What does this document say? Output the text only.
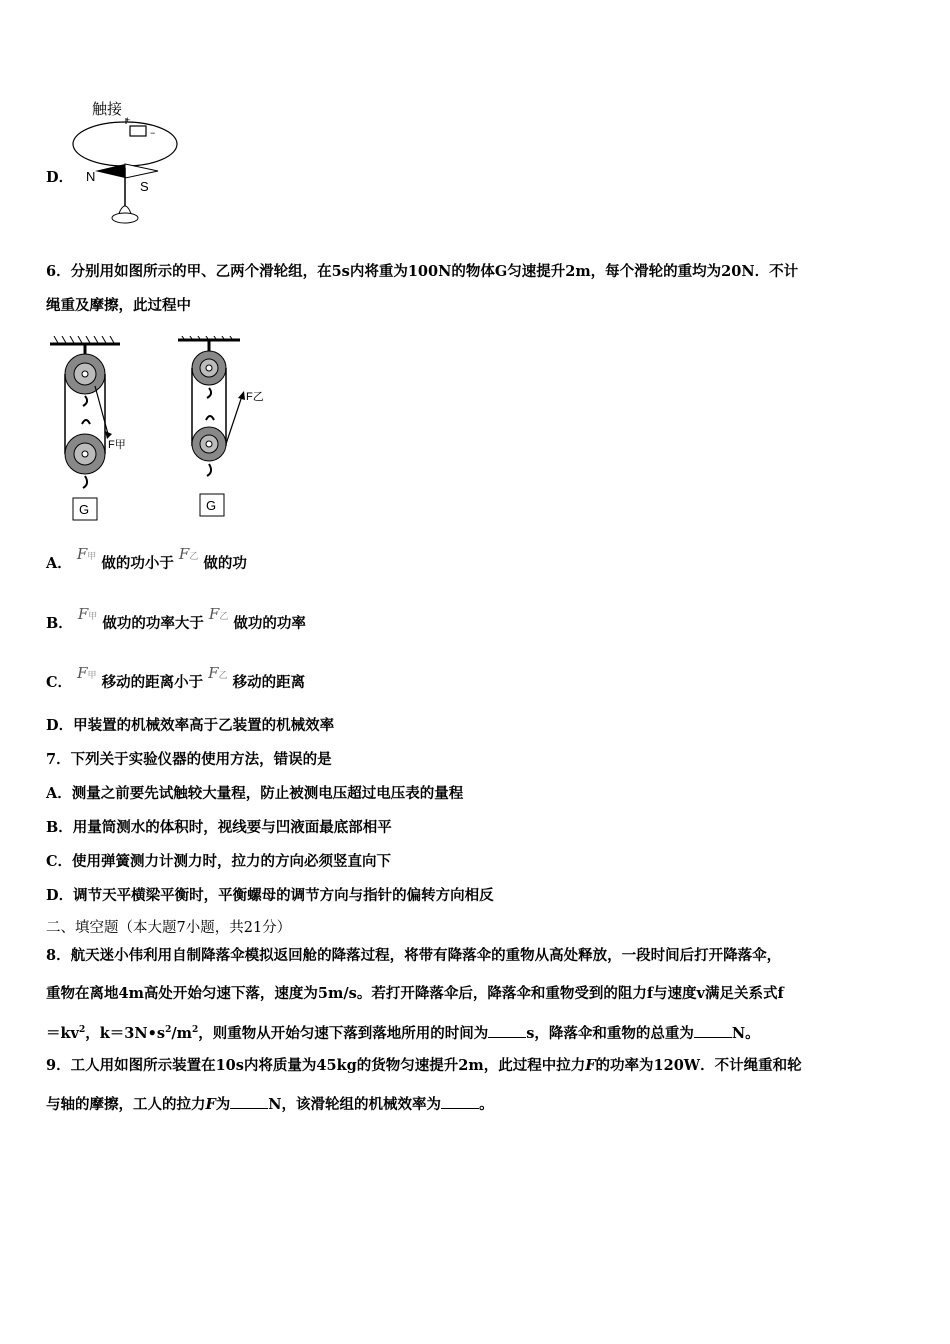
D．
触接
+
−
N
S
6．分别用如图所示的甲、乙两个滑轮组，在5s内将重为100N的物体G匀速提升2m，每个滑轮的重均为20N．不计
绳重及摩擦，此过程中
F甲
G
F乙
G
A． $F^甲$ 做的功小于 $F^乙$ 做的功
B． $F^甲$ 做功的功率大于 $F^乙$ 做功的功率
C． $F^甲$ 移动的距离小于 $F^乙$ 移动的距离
D．甲装置的机械效率高于乙装置的机械效率
7．下列关于实验仪器的使用方法，错误的是
A．测量之前要先试触较大量程，防止被测电压超过电压表的量程
B．用量筒测水的体积时，视线要与凹液面最底部相平
C．使用弹簧测力计测力时，拉力的方向必须竖直向下
D．调节天平横梁平衡时，平衡螺母的调节方向与指针的偏转方向相反
二、填空题（本大题7小题，共21分）
8．航天迷小伟利用自制降落伞模拟返回舱的降落过程，将带有降落伞的重物从高处释放，一段时间后打开降落伞，
重物在离地4m高处开始匀速下落，速度为5m/s。若打开降落伞后，降落伞和重物受到的阻力f与速度v满足关系式f
$=kv^2$，$k=3N•s^2/m^2$，则重物从开始匀速下落到落地所用的时间为	s，降落伞和重物的总重为	N。
9．工人用如图所示装置在10s内将质量为45kg的货物匀速提升2m，此过程中拉力F的功率为120W．不计绳重和轮
与轴的摩擦，工人的拉力F为	N，该滑轮组的机械效率为	。
